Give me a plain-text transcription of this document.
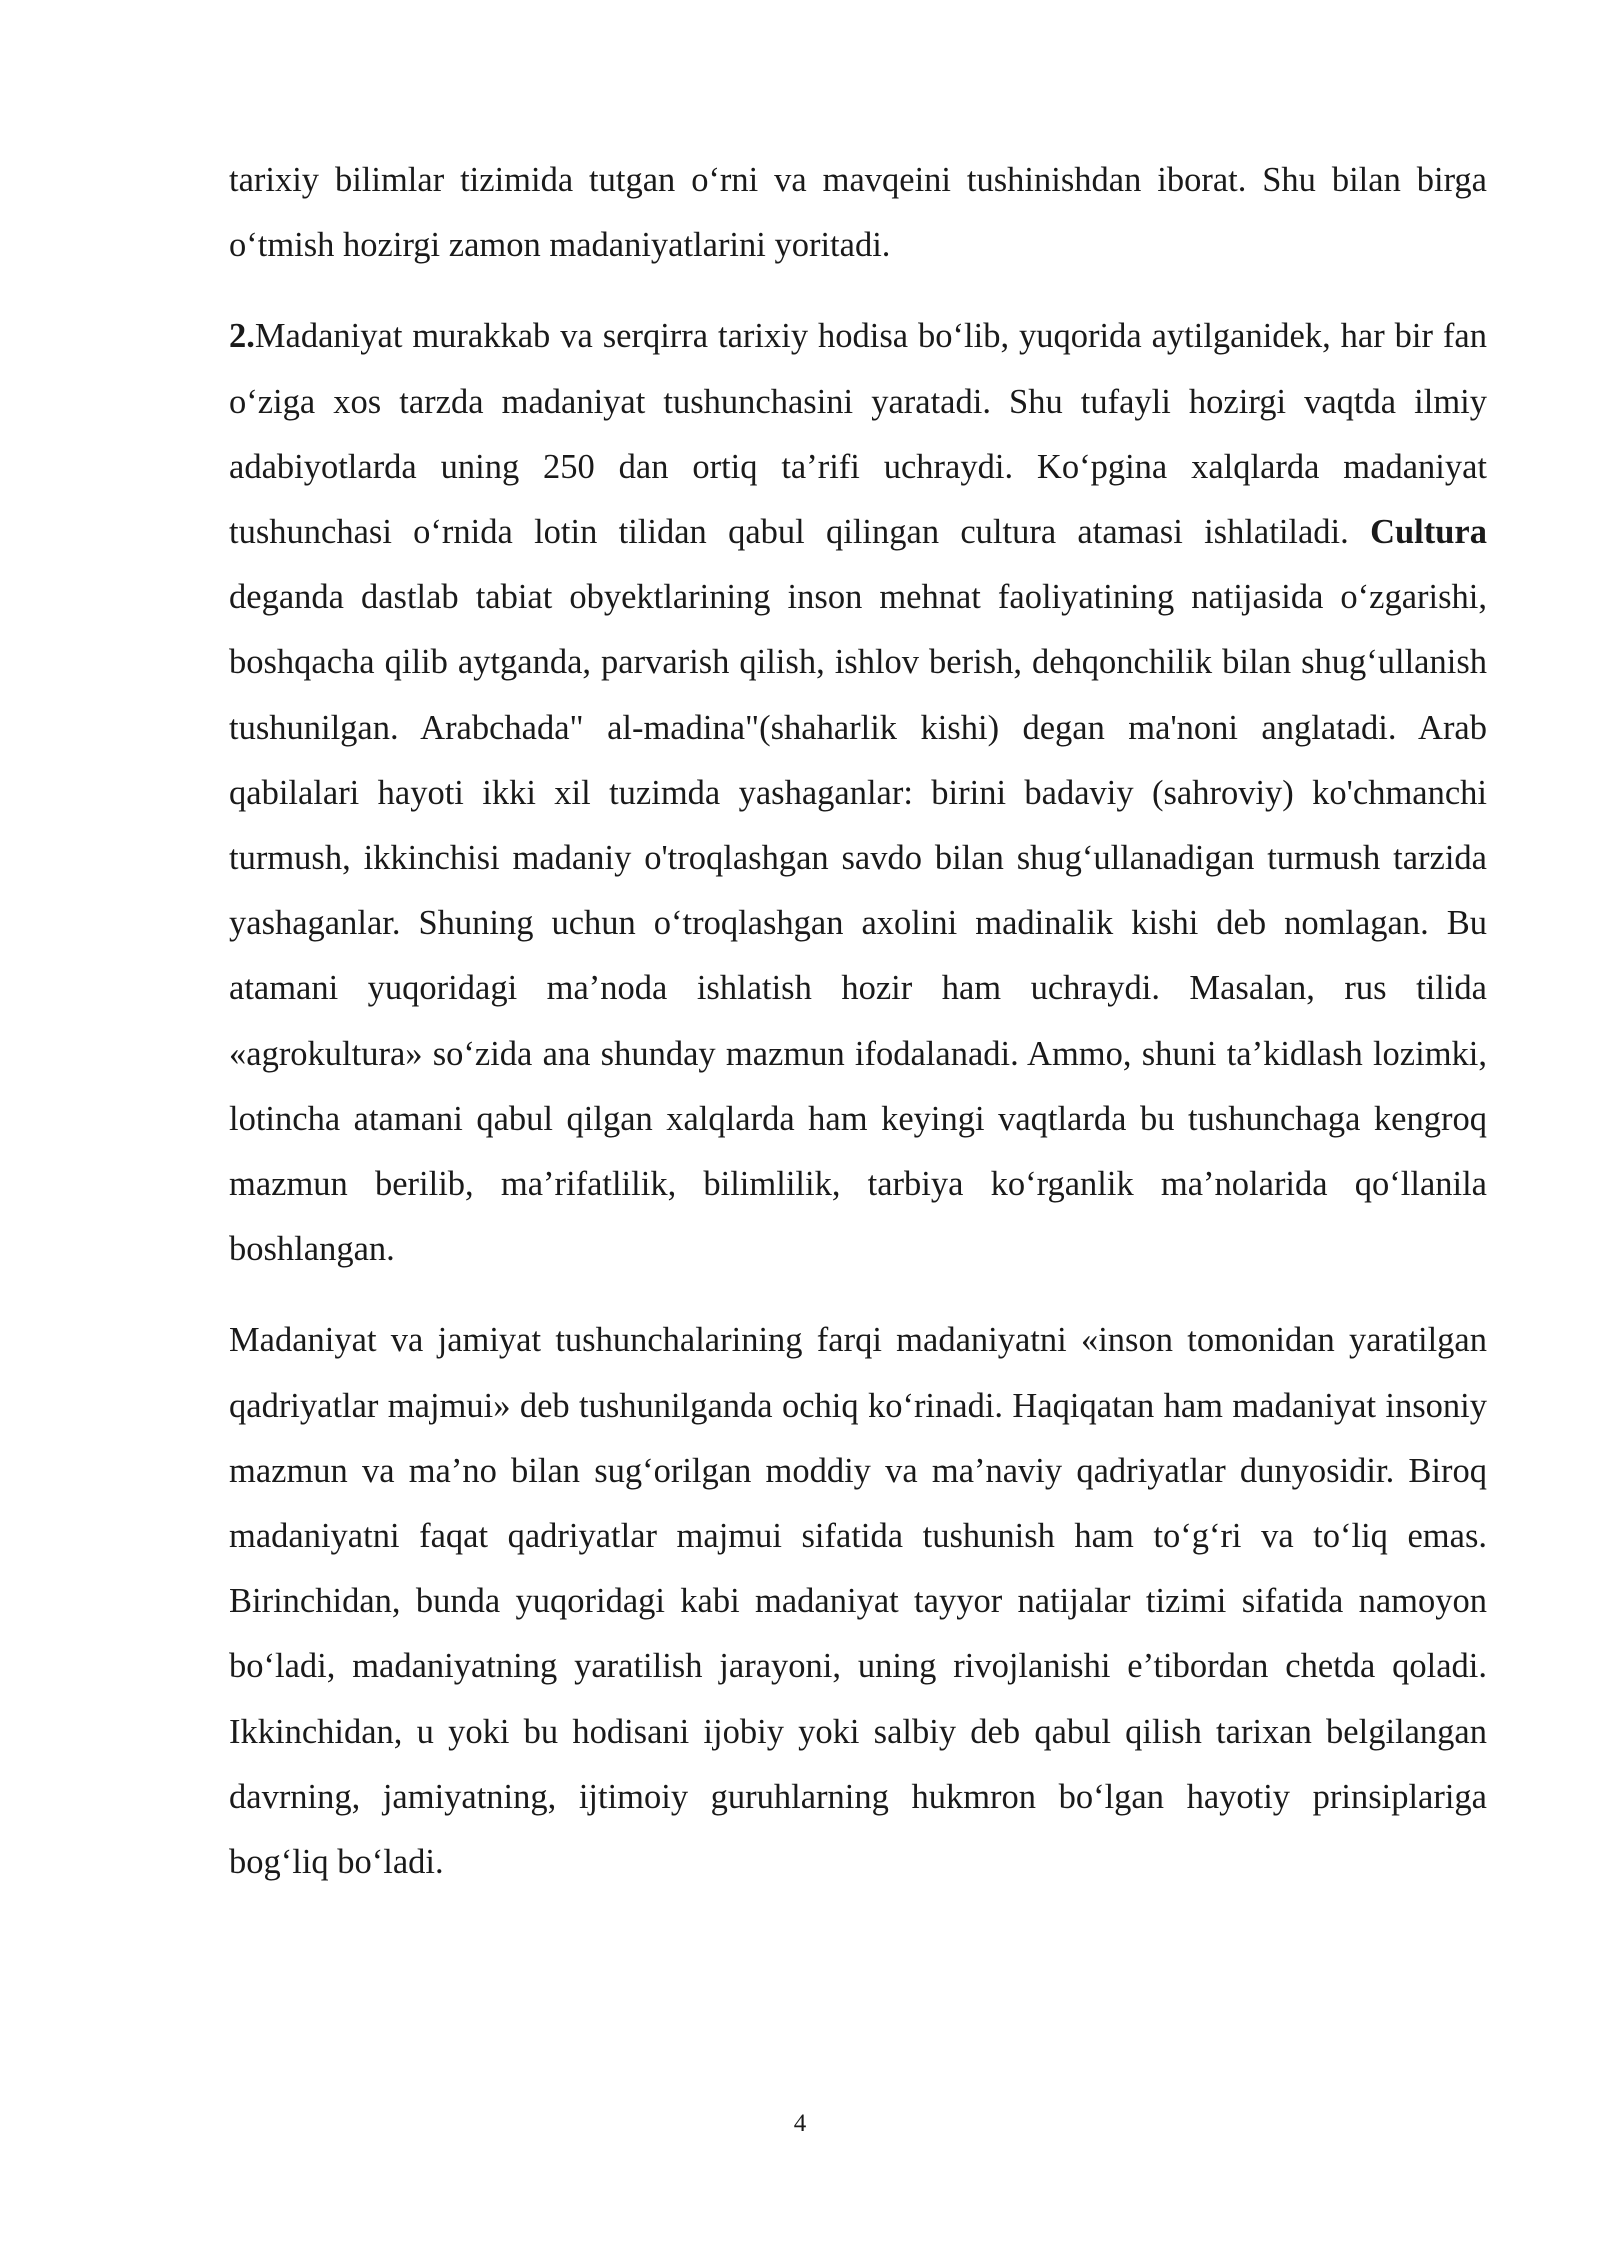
tarixiy bilimlar tizimida tutgan o‘rni va mavqeini tushinishdan iborat. Shu bilan birga o‘tmish hozirgi zamon madaniyatlarini yoritadi.

2.Madaniyat murakkab va serqirra tarixiy hodisa bo‘lib, yuqorida aytilganidek, har bir fan o‘ziga xos tarzda madaniyat tushunchasini yaratadi. Shu tufayli hozirgi vaqtda ilmiy adabiyotlarda uning 250 dan ortiq ta’rifi uchraydi. Ko‘pgina xalqlarda madaniyat tushunchasi o‘rnida lotin tilidan qabul qilingan cultura atamasi ishlatiladi. Cultura deganda dastlab tabiat obyektlarining inson mehnat faoliyatining natijasida o‘zgarishi, boshqacha qilib aytganda, parvarish qilish, ishlov berish, dehqonchilik bilan shug‘ullanish tushunilgan. Arabchada" al-madina"(shaharlik kishi) degan ma'noni anglatadi. Arab qabilalari hayoti ikki xil tuzimda yashaganlar: birini badaviy (sahroviy) ko'chmanchi turmush, ikkinchisi madaniy o'troqlashgan savdo bilan shug‘ullanadigan turmush tarzida yashaganlar. Shuning uchun o‘troqlashgan axolini madinalik kishi deb nomlagan. Bu atamani yuqoridagi ma’noda ishlatish hozir ham uchraydi. Masalan, rus tilida «agrokultura» so‘zida ana shunday mazmun ifodalanadi. Ammo, shuni ta’kidlash lozimki, lotincha atamani qabul qilgan xalqlarda ham keyingi vaqtlarda bu tushunchaga kengroq mazmun berilib, ma’rifatlilik, bilimlilik, tarbiya ko‘rganlik ma’nolarida qo‘llanila boshlangan.

Madaniyat va jamiyat tushunchalarining farqi madaniyatni «inson tomonidan yaratilgan qadriyatlar majmui» deb tushunilganda ochiq ko‘rinadi. Haqiqatan ham madaniyat insoniy mazmun va ma’no bilan sug‘orilgan moddiy va ma’naviy qadriyatlar dunyosidir. Biroq madaniyatni faqat qadriyatlar majmui sifatida tushunish ham to‘g‘ri va to‘liq emas. Birinchidan, bunda yuqoridagi kabi madaniyat tayyor natijalar tizimi sifatida namoyon bo‘ladi, madaniyatning yaratilish jarayoni, uning rivojlanishi e’tibordan chetda qoladi. Ikkinchidan, u yoki bu hodisani ijobiy yoki salbiy deb qabul qilish tarixan belgilangan davrning, jamiyatning, ijtimoiy guruhlarning hukmron bo‘lgan hayotiy prinsiplariga bog‘liq bo‘ladi.

4
